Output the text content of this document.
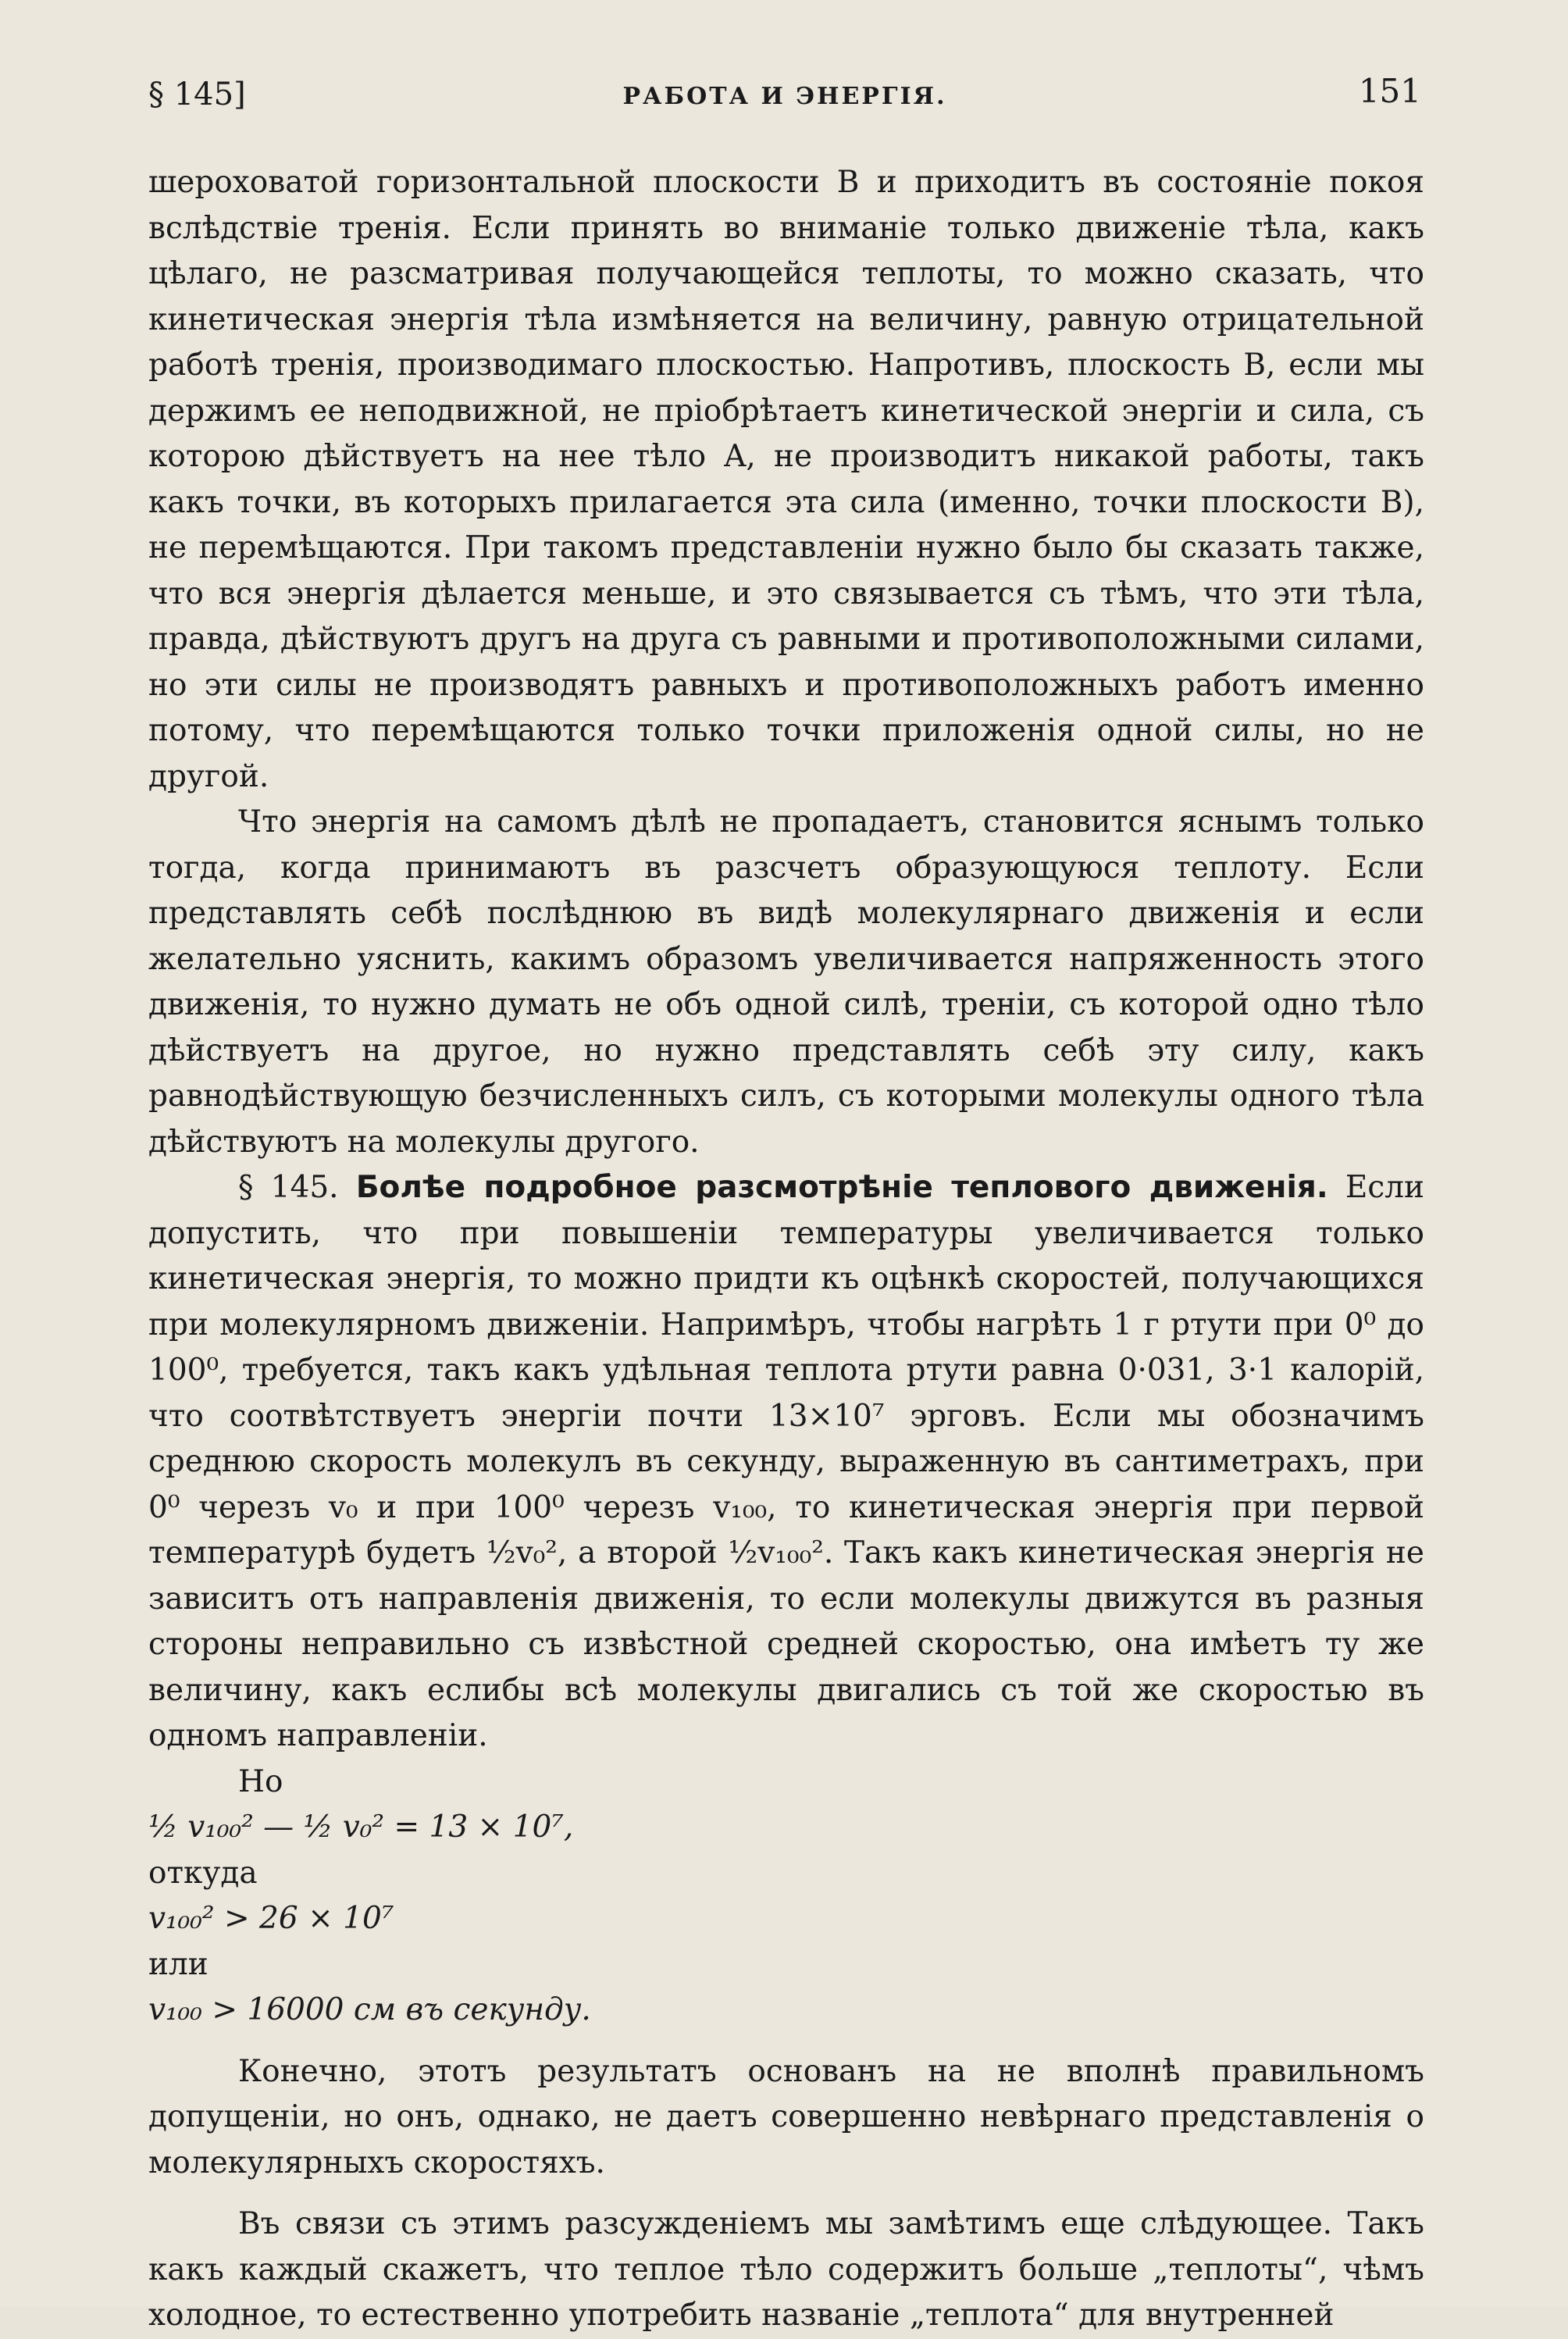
§ 145]	РАБОТА И ЭНЕРГІЯ.	151

шероховатой горизонтальной плоскости B и приходитъ въ состояніе покоя вслѣдствіе тренія. Если принять во вниманіе только движеніе тѣла, какъ цѣлаго, не разсматривая получающейся теплоты, то можно сказать, что кинетическая энергія тѣла измѣняется на величину, равную отрицательной работѣ тренія, производимаго плоскостью. Напротивъ, плоскость B, если мы держимъ ее неподвижной, не пріобрѣтаетъ кинетической энергіи и сила, съ которою дѣйствуетъ на нее тѣло A, не производитъ никакой работы, такъ какъ точки, въ которыхъ прилагается эта сила (именно, точки плоскости B), не перемѣщаются. При такомъ представленіи нужно было бы сказать также, что вся энергія дѣлается меньше, и это связывается съ тѣмъ, что эти тѣла, правда, дѣйствуютъ другъ на друга съ равными и противоположными силами, но эти силы не производятъ равныхъ и противоположныхъ работъ именно потому, что перемѣщаются только точки приложенія одной силы, но не другой.

Что энергія на самомъ дѣлѣ не пропадаетъ, становится яснымъ только тогда, когда принимаютъ въ разсчетъ образующуюся теплоту. Если представлять себѣ послѣднюю въ видѣ молекулярнаго движенія и если желательно уяснить, какимъ образомъ увеличивается напряженность этого движенія, то нужно думать не объ одной силѣ, треніи, съ которой одно тѣло дѣйствуетъ на другое, но нужно представлять себѣ эту силу, какъ равнодѣйствующую безчисленныхъ силъ, съ которыми молекулы одного тѣла дѣйствуютъ на молекулы другого.

§ 145. Болѣе подробное разсмотрѣніе теплового движенія. Если допустить, что при повышеніи температуры увеличивается только кинетическая энергія, то можно придти къ оцѣнкѣ скоростей, получающихся при молекулярномъ движеніи. Напримѣръ, чтобы нагрѣть 1 г ртути при 0⁰ до 100⁰, требуется, такъ какъ удѣльная теплота ртути равна 0·031, 3·1 калорій, что соотвѣтствуетъ энергіи почти 13×10⁷ эрговъ. Если мы обозначимъ среднюю скорость молекулъ въ секунду, выраженную въ сантиметрахъ, при 0⁰ черезъ v₀ и при 100⁰ черезъ v₁₀₀, то кинетическая энергія при первой температурѣ будетъ ½v₀², а второй ½v₁₀₀². Такъ какъ кинетическая энергія не зависитъ отъ направленія движенія, то если молекулы движутся въ разныя стороны неправильно съ извѣстной средней скоростью, она имѣетъ ту же величину, какъ еслибы всѣ молекулы двигались съ той же скоростью въ одномъ направленіи.

Но

½ v₁₀₀² — ½ v₀² = 13 × 10⁷,

откуда

v₁₀₀² > 26 × 10⁷

или

v₁₀₀ > 16000 см въ секунду.

Конечно, этотъ результатъ основанъ на не вполнѣ правильномъ допущеніи, но онъ, однако, не даетъ совершенно невѣрнаго представленія о молекулярныхъ скоростяхъ.

Въ связи съ этимъ разсужденіемъ мы замѣтимъ еще слѣдующее. Такъ какъ каждый скажетъ, что теплое тѣло содержитъ больше „теплоты“, чѣмъ холодное, то естественно употребить названіе „теплота“ для внутренней
